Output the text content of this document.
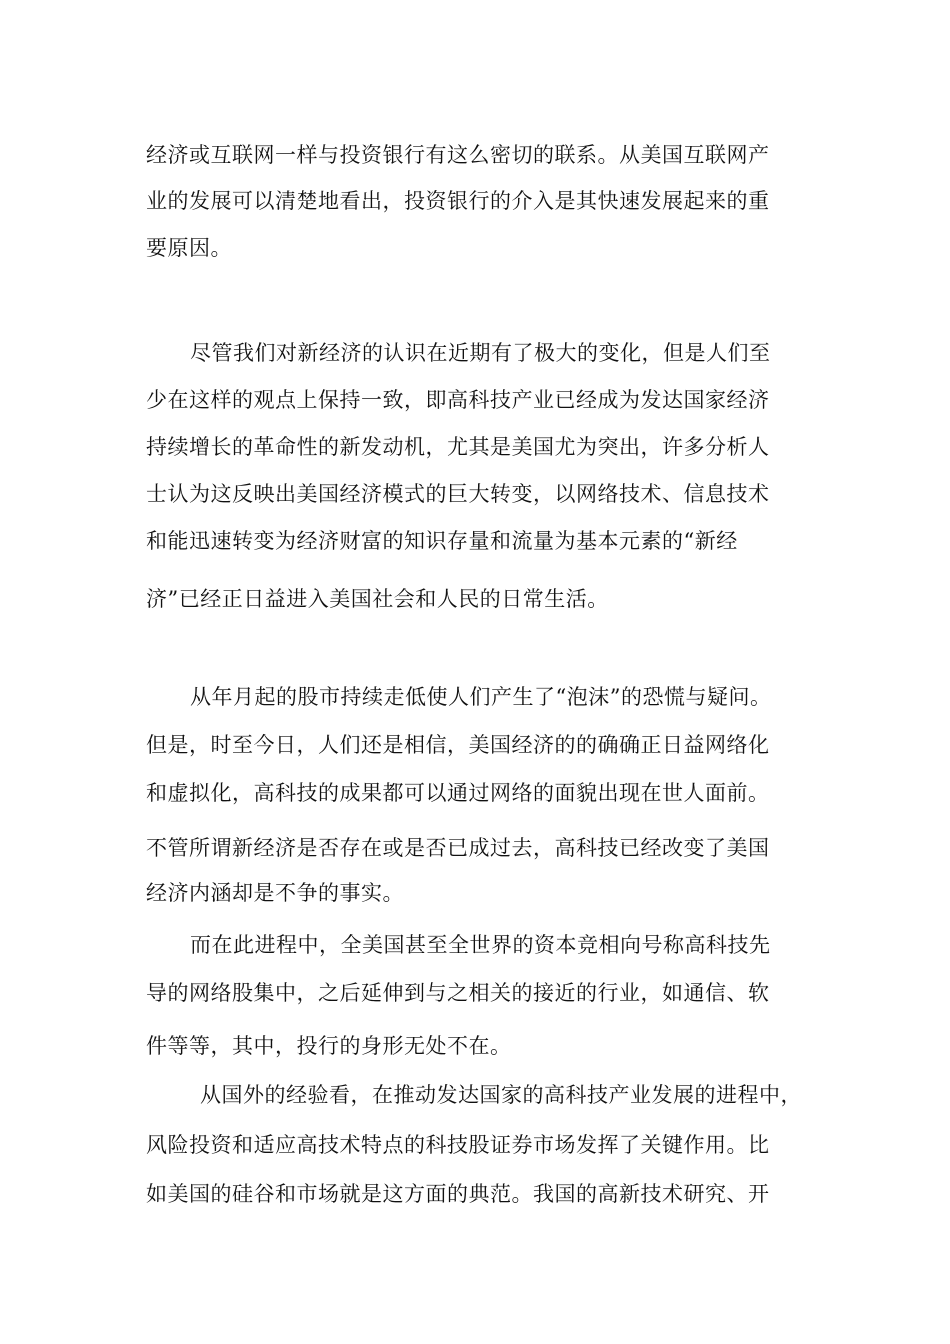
经济或互联网一样与投资银行有这么密切的联系。从美国互联网产
业的发展可以清楚地看出，投资银行的介入是其快速发展起来的重
要原因。
尽管我们对新经济的认识在近期有了极大的变化，但是人们至
少在这样的观点上保持一致，即高科技产业已经成为发达国家经济
持续增长的革命性的新发动机，尤其是美国尤为突出，许多分析人
士认为这反映出美国经济模式的巨大转变，以网络技术、信息技术
和能迅速转变为经济财富的知识存量和流量为基本元素的“新经
济”已经正日益进入美国社会和人民的日常生活。
从年月起的股市持续走低使人们产生了“泡沫”的恐慌与疑问。
但是，时至今日，人们还是相信，美国经济的的确确正日益网络化
和虚拟化，高科技的成果都可以通过网络的面貌出现在世人面前。
不管所谓新经济是否存在或是否已成过去，高科技已经改变了美国
经济内涵却是不争的事实。
而在此进程中，全美国甚至全世界的资本竞相向号称高科技先
导的网络股集中，之后延伸到与之相关的接近的行业，如通信、软
件等等，其中，投行的身形无处不在。
从国外的经验看，在推动发达国家的高科技产业发展的进程中，
风险投资和适应高技术特点的科技股证券市场发挥了关键作用。比
如美国的硅谷和市场就是这方面的典范。我国的高新技术研究、开
